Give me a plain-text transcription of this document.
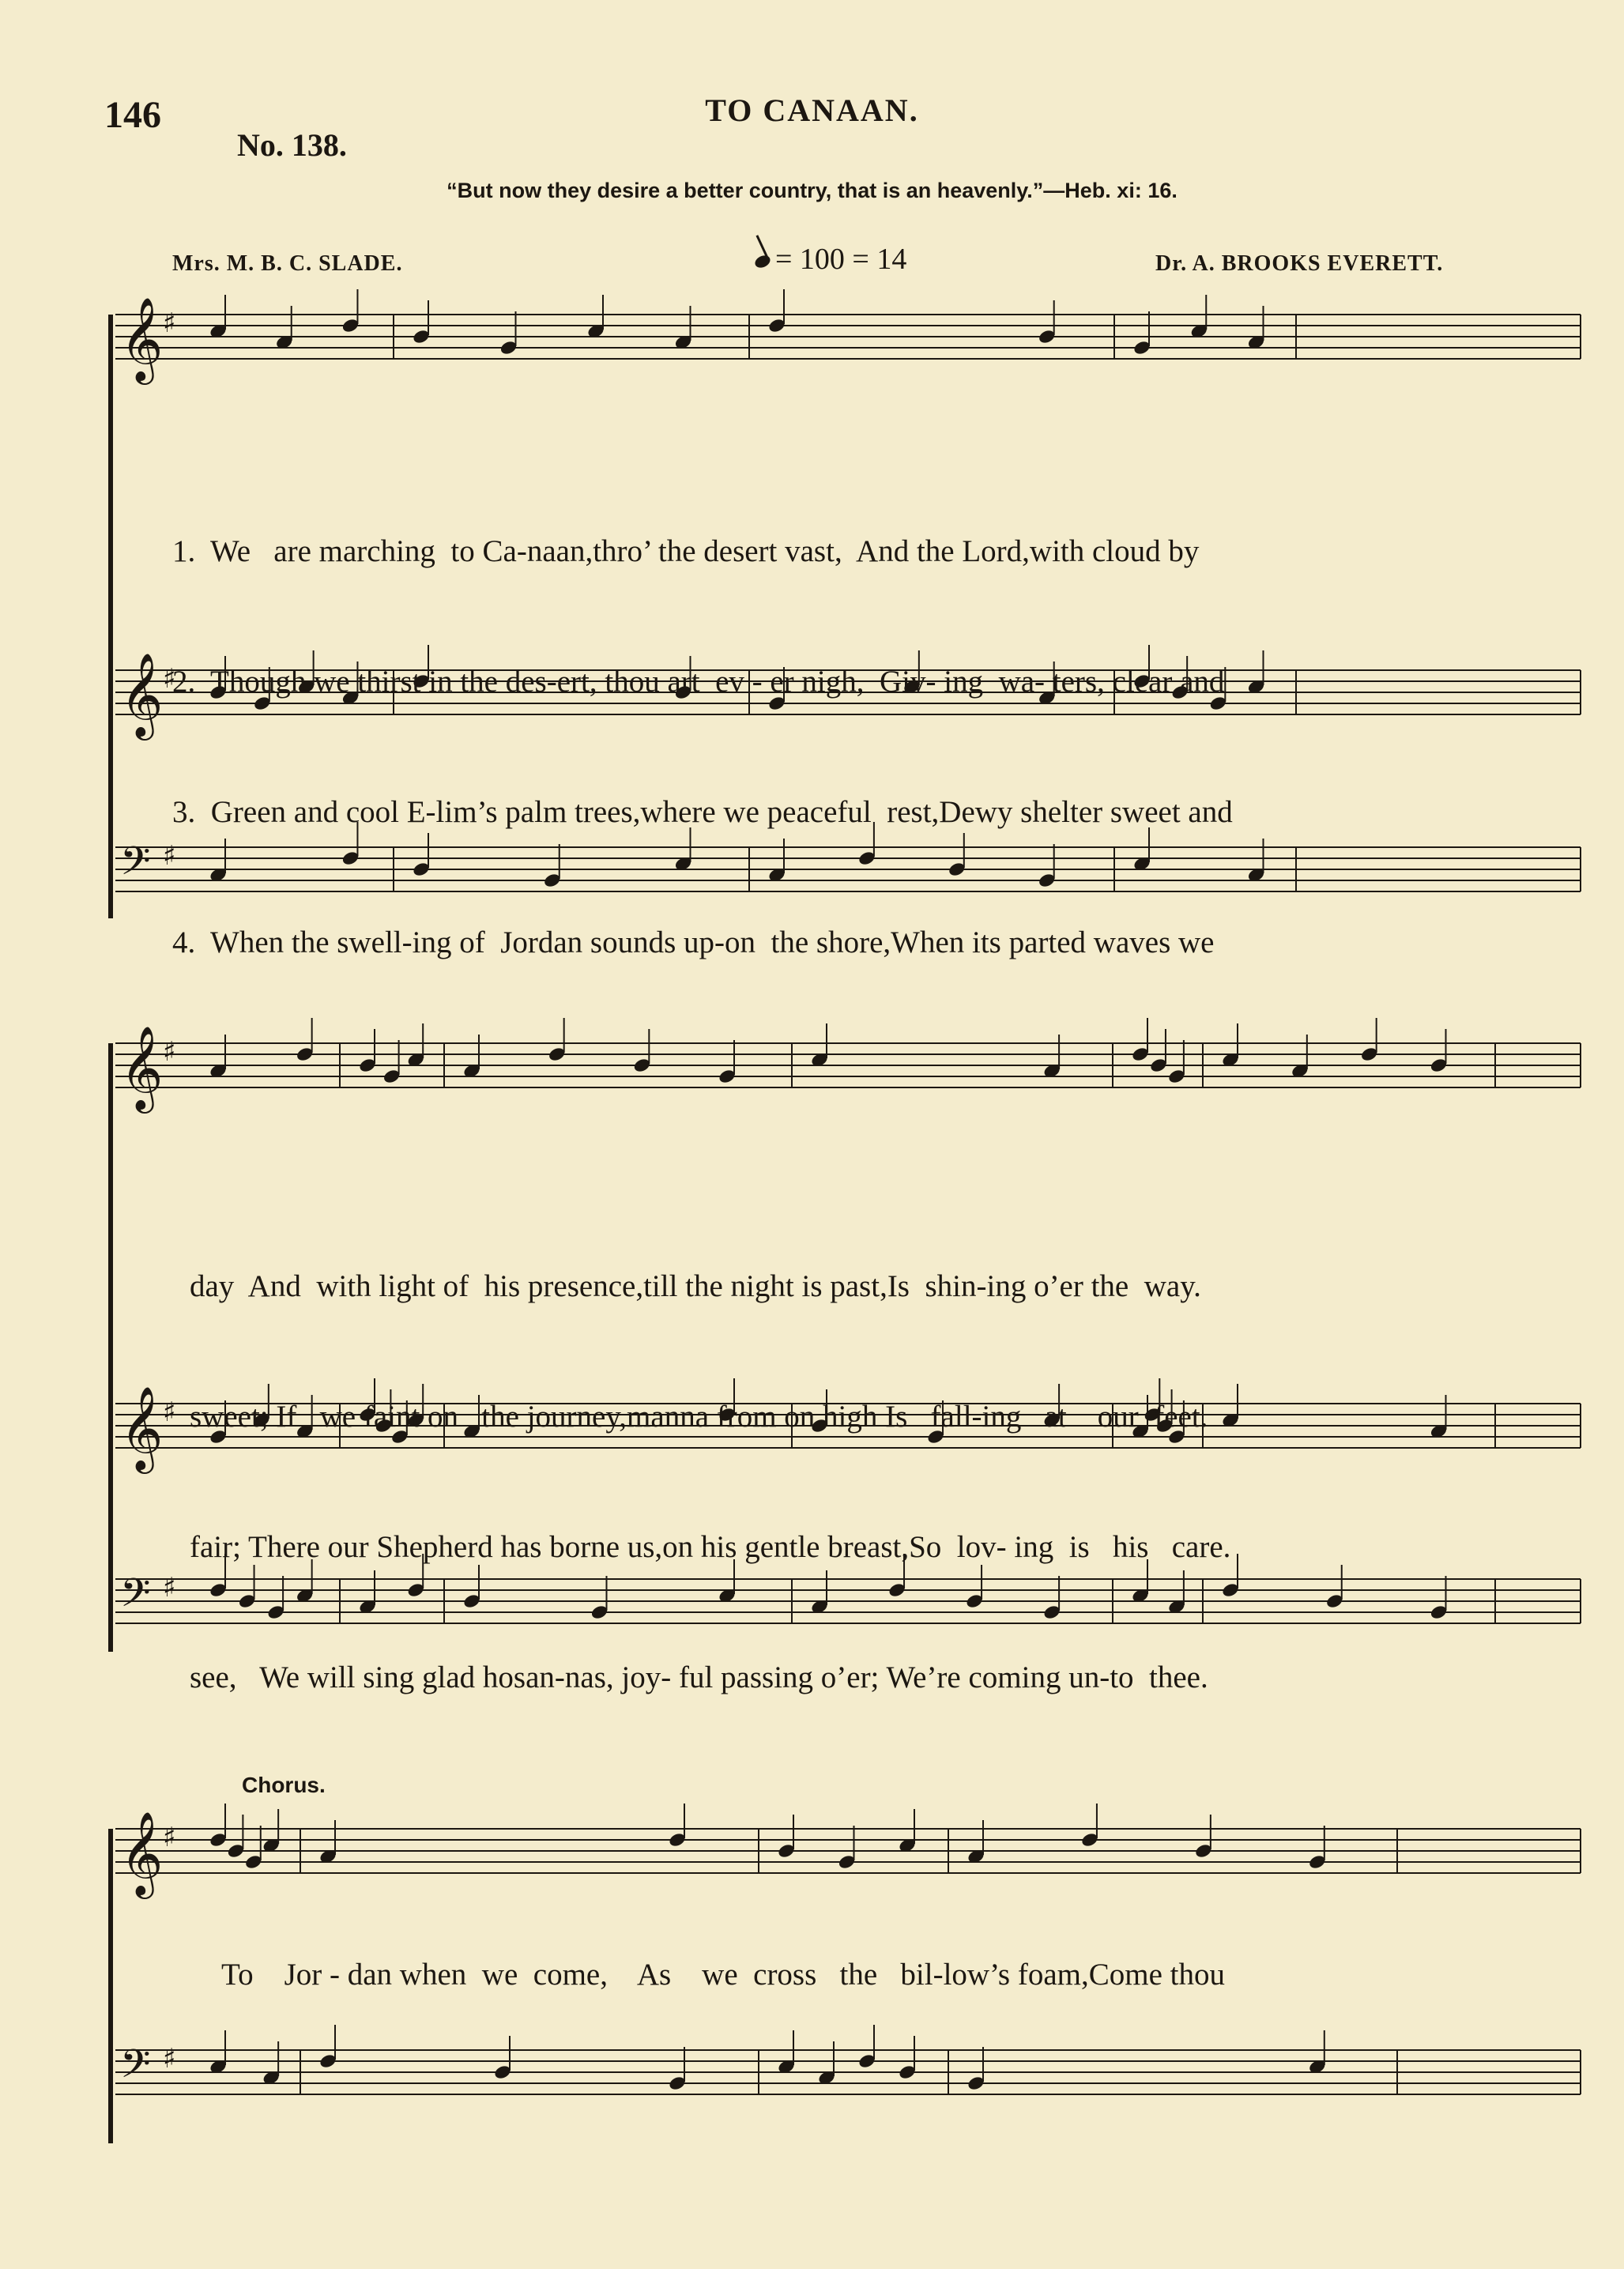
146	TO CANAAN.
No. 138.
“But now they desire a better country, that is an heavenly.”—Heb. xi: 16.
Mrs. M. B. C. SLADE.	= 100 = 14	Dr. A. BROOKS EVERETT.
𝄞 ♯
𝄞 ♯
𝄢 ♯
𝄞 ♯
𝄞 ♯
𝄢 ♯
𝄞 ♯
𝄢 ♯

1.  We   are marching  to Ca-naan,thro’ the desert vast,  And the Lord,with cloud by

2.  Though we thirst in the des-ert, thou art  ev - er nigh,  Giv- ing  wa- ters, clear and

3.  Green and cool E-lim’s palm trees,where we peaceful  rest,Dewy shelter sweet and

4.  When the swell-ing of  Jordan sounds up-on  the shore,When its parted waves we

day  And  with light of  his presence,till the night is past,Is  shin-ing o’er the  way.

sweet; If   we faint on   the journey,manna from on high Is   fall-ing   at    our  feet.

fair; There our Shepherd has borne us,on his gentle breast,So  lov- ing  is   his   care.

see,   We will sing glad hosan-nas, joy- ful passing o’er; We’re coming un-to  thee.

Chorus.
To    Jor - dan when  we  come,    As    we  cross   the   bil-low’s foam,Come thou
